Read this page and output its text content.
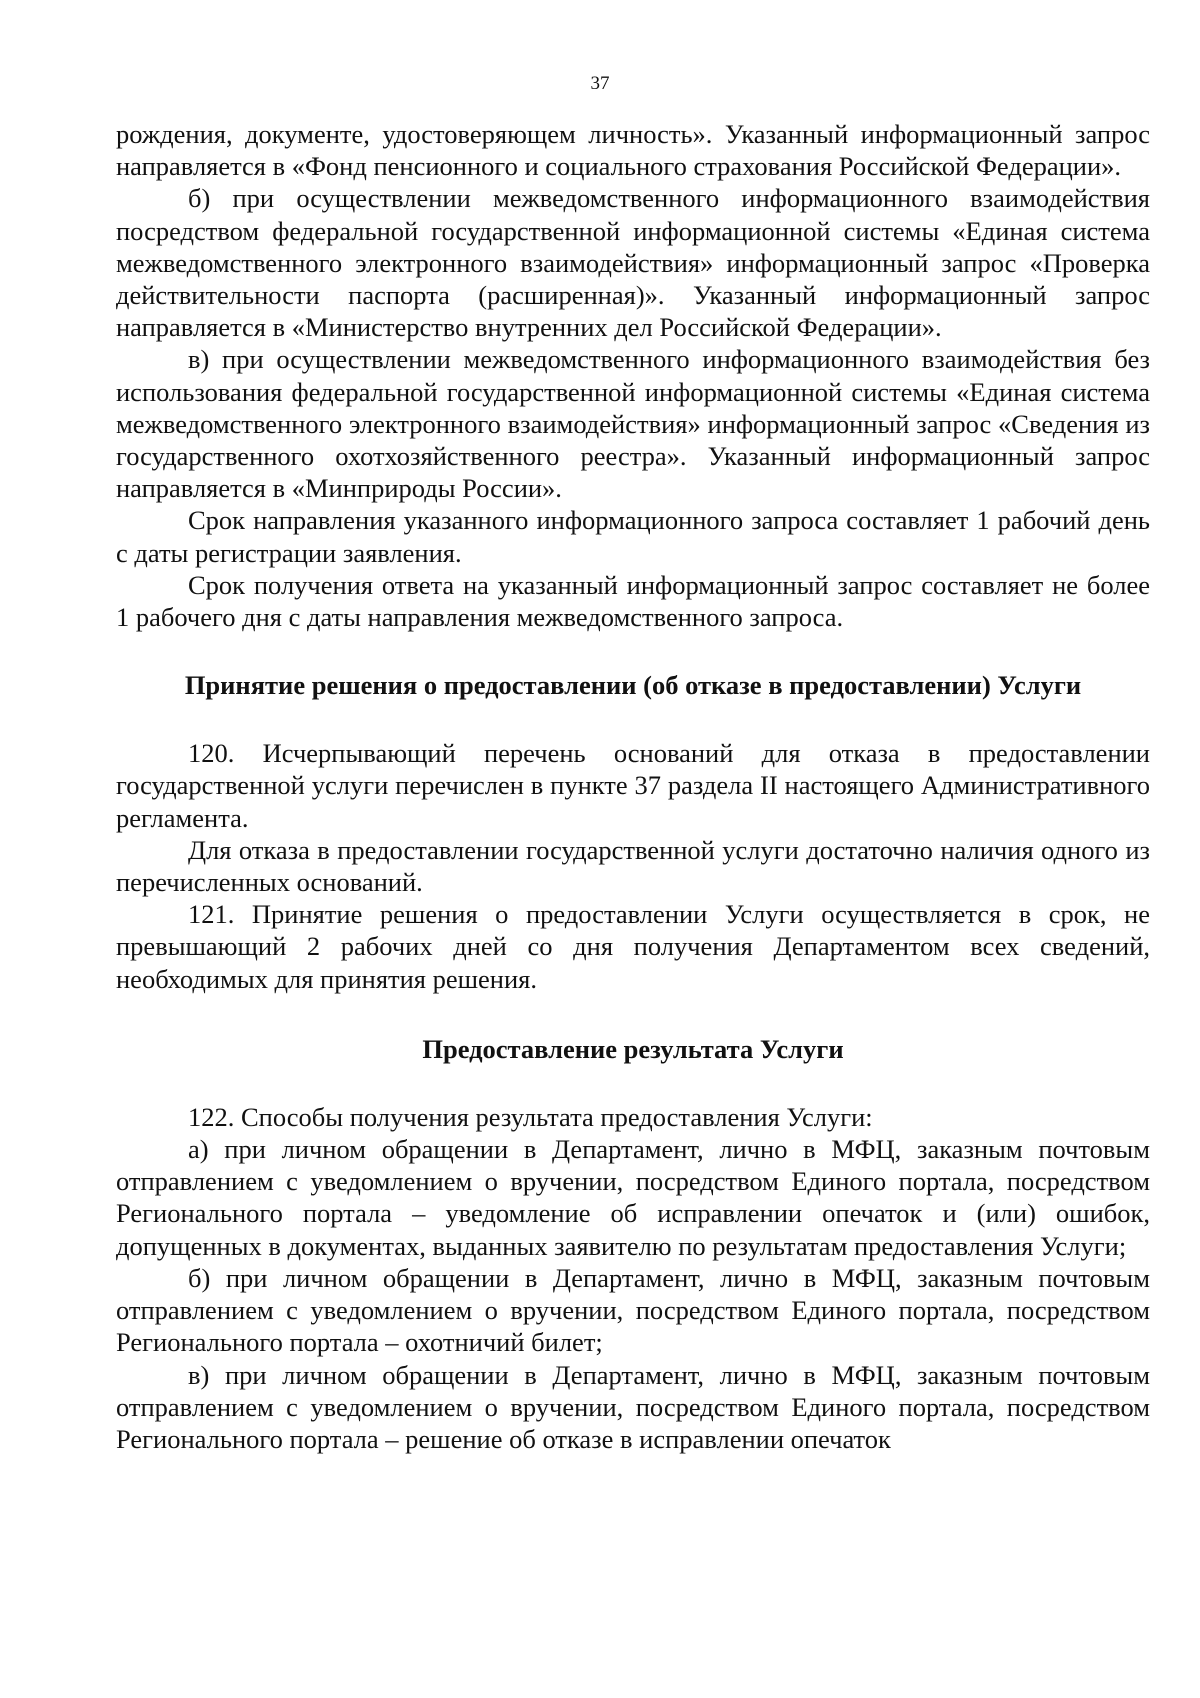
37

рождения, документе, удостоверяющем личность». Указанный информационный запрос направляется в «Фонд пенсионного и социального страхования Российской Федерации».

б) при осуществлении межведомственного информационного взаимодействия посредством федеральной государственной информационной системы «Единая система межведомственного электронного взаимодействия» информационный запрос «Проверка действительности паспорта (расширенная)». Указанный информационный запрос направляется в «Министерство внутренних дел Российской Федерации».

в) при осуществлении межведомственного информационного взаимодействия без использования федеральной государственной информационной системы «Единая система межведомственного электронного взаимодействия» информационный запрос «Сведения из государственного охотхозяйственного реестра». Указанный информационный запрос направляется в «Минприроды России».

Срок направления указанного информационного запроса составляет 1 рабочий день с даты регистрации заявления.

Срок получения ответа на указанный информационный запрос составляет не более 1 рабочего дня с даты направления межведомственного запроса.

Принятие решения о предоставлении (об отказе в предоставлении) Услуги

120. Исчерпывающий перечень оснований для отказа в предоставлении государственной услуги перечислен в пункте 37 раздела II настоящего Административного регламента.

Для отказа в предоставлении государственной услуги достаточно наличия одного из перечисленных оснований.

121. Принятие решения о предоставлении Услуги осуществляется в срок, не превышающий 2 рабочих дней со дня получения Департаментом всех сведений, необходимых для принятия решения.

Предоставление результата Услуги

122. Способы получения результата предоставления Услуги:

а) при личном обращении в Департамент, лично в МФЦ, заказным почтовым отправлением с уведомлением о вручении, посредством Единого портала, посредством Регионального портала – уведомление об исправлении опечаток и (или) ошибок, допущенных в документах, выданных заявителю по результатам предоставления Услуги;

б) при личном обращении в Департамент, лично в МФЦ, заказным почтовым отправлением с уведомлением о вручении, посредством Единого портала, посредством Регионального портала – охотничий билет;

в) при личном обращении в Департамент, лично в МФЦ, заказным почтовым отправлением с уведомлением о вручении, посредством Единого портала, посредством Регионального портала – решение об отказе в исправлении опечаток
